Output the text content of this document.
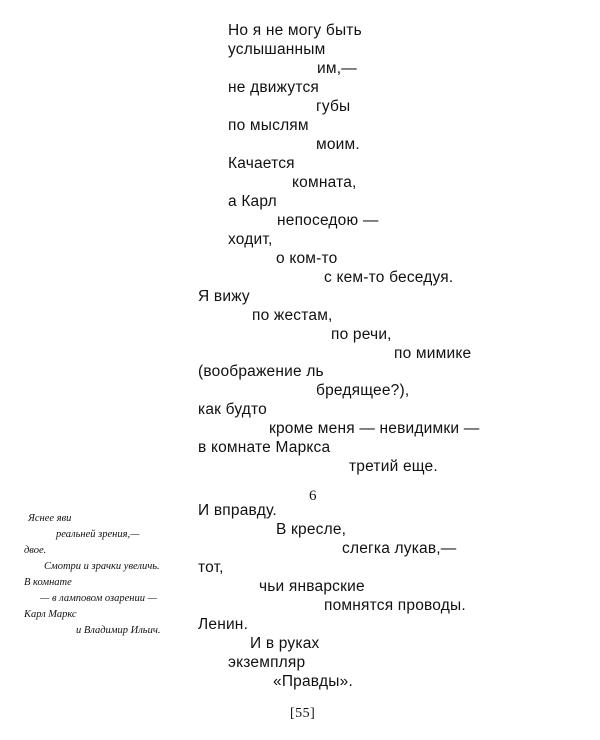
Но я не могу быть
услышанным
им,—
не движутся
губы
по мыслям
моим.
Качается
комната,
а Карл
непоседою —
ходит,
о ком-то
с кем-то беседуя.
Я вижу
по жестам,
по речи,
по мимике
(воображение ль
бредящее?),
как будто
кроме меня — невидимки —
в комнате Маркса
третий еще.
6
Яснее яви
реальней зрения,—
двое.
Смотри и зрачки увеличь.
В комнате
— в ламповом озарении —
Карл Маркс
и Владимир Ильич.
И вправду.
В кресле,
слегка лукав,—
тот,
чьи январские
помнятся проводы.
Ленин.
И в руках
экземпляр
«Правды».
[55]
